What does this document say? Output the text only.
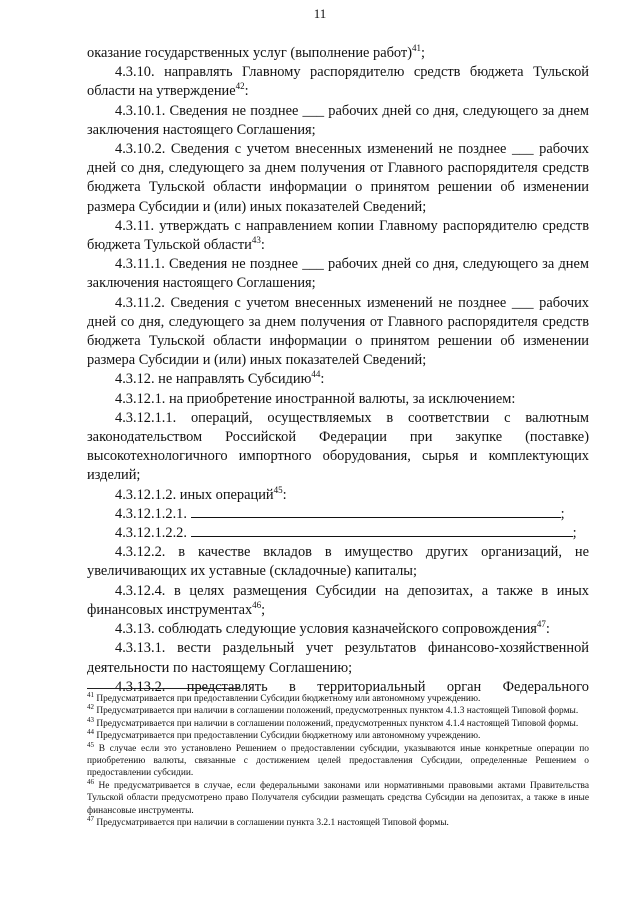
11

оказание государственных услуг (выполнение работ)$^{41}$;

4.3.10. направлять Главному распорядителю средств бюджета Тульской области на утверждение$^{42}$:

4.3.10.1. Сведения не позднее ___ рабочих дней со дня, следующего за днем заключения настоящего Соглашения;

4.3.10.2. Сведения с учетом внесенных изменений не позднее ___ рабочих дней со дня, следующего за днем получения от Главного распорядителя средств бюджета Тульской области информации о принятом решении об изменении размера Субсидии и (или) иных показателей Сведений;

4.3.11. утверждать с направлением копии Главному распорядителю средств бюджета Тульской области$^{43}$:

4.3.11.1. Сведения не позднее ___ рабочих дней со дня, следующего за днем заключения настоящего Соглашения;

4.3.11.2. Сведения с учетом внесенных изменений не позднее ___ рабочих дней со дня, следующего за днем получения от Главного распорядителя средств бюджета Тульской области информации о принятом решении об изменении размера Субсидии и (или) иных показателей Сведений;

4.3.12. не направлять Субсидию$^{44}$:

4.3.12.1. на приобретение иностранной валюты, за исключением:

4.3.12.1.1. операций, осуществляемых в соответствии с валютным законодательством Российской Федерации при закупке (поставке) высокотехнологичного импортного оборудования, сырья и комплектующих изделий;

4.3.12.1.2. иных операций$^{45}$:

4.3.12.1.2.1.	;

4.3.12.1.2.2.	;

4.3.12.2. в качестве вкладов в имущество других организаций, не увеличивающих их уставные (складочные) капиталы;

4.3.12.4. в целях размещения Субсидии на депозитах, а также в иных финансовых инструментах$^{46}$;

4.3.13. соблюдать следующие условия казначейского сопровождения$^{47}$:

4.3.13.1. вести раздельный учет результатов финансово-хозяйственной деятельности по настоящему Соглашению;

4.3.13.2. представлять в территориальный орган Федерального

$^{41}$ Предусматривается при предоставлении Субсидии бюджетному или автономному учреждению.

$^{42}$ Предусматривается при наличии в соглашении положений, предусмотренных пунктом 4.1.3 настоящей Типовой формы.

$^{43}$ Предусматривается при наличии в соглашении положений, предусмотренных пунктом 4.1.4 настоящей Типовой формы.

$^{44}$ Предусматривается при предоставлении Субсидии бюджетному или автономному учреждению.

$^{45}$ В случае если это установлено Решением о предоставлении субсидии, указываются иные конкретные операции по приобретению валюты, связанные с достижением целей предоставления Субсидии, определенные Решением о предоставлении субсидии.

$^{46}$ Не предусматривается в случае, если федеральными законами или нормативными правовыми актами Правительства Тульской области предусмотрено право Получателя субсидии размещать средства Субсидии на депозитах, а также в иные финансовые инструменты.

$^{47}$ Предусматривается при наличии в соглашении пункта 3.2.1 настоящей Типовой формы.
